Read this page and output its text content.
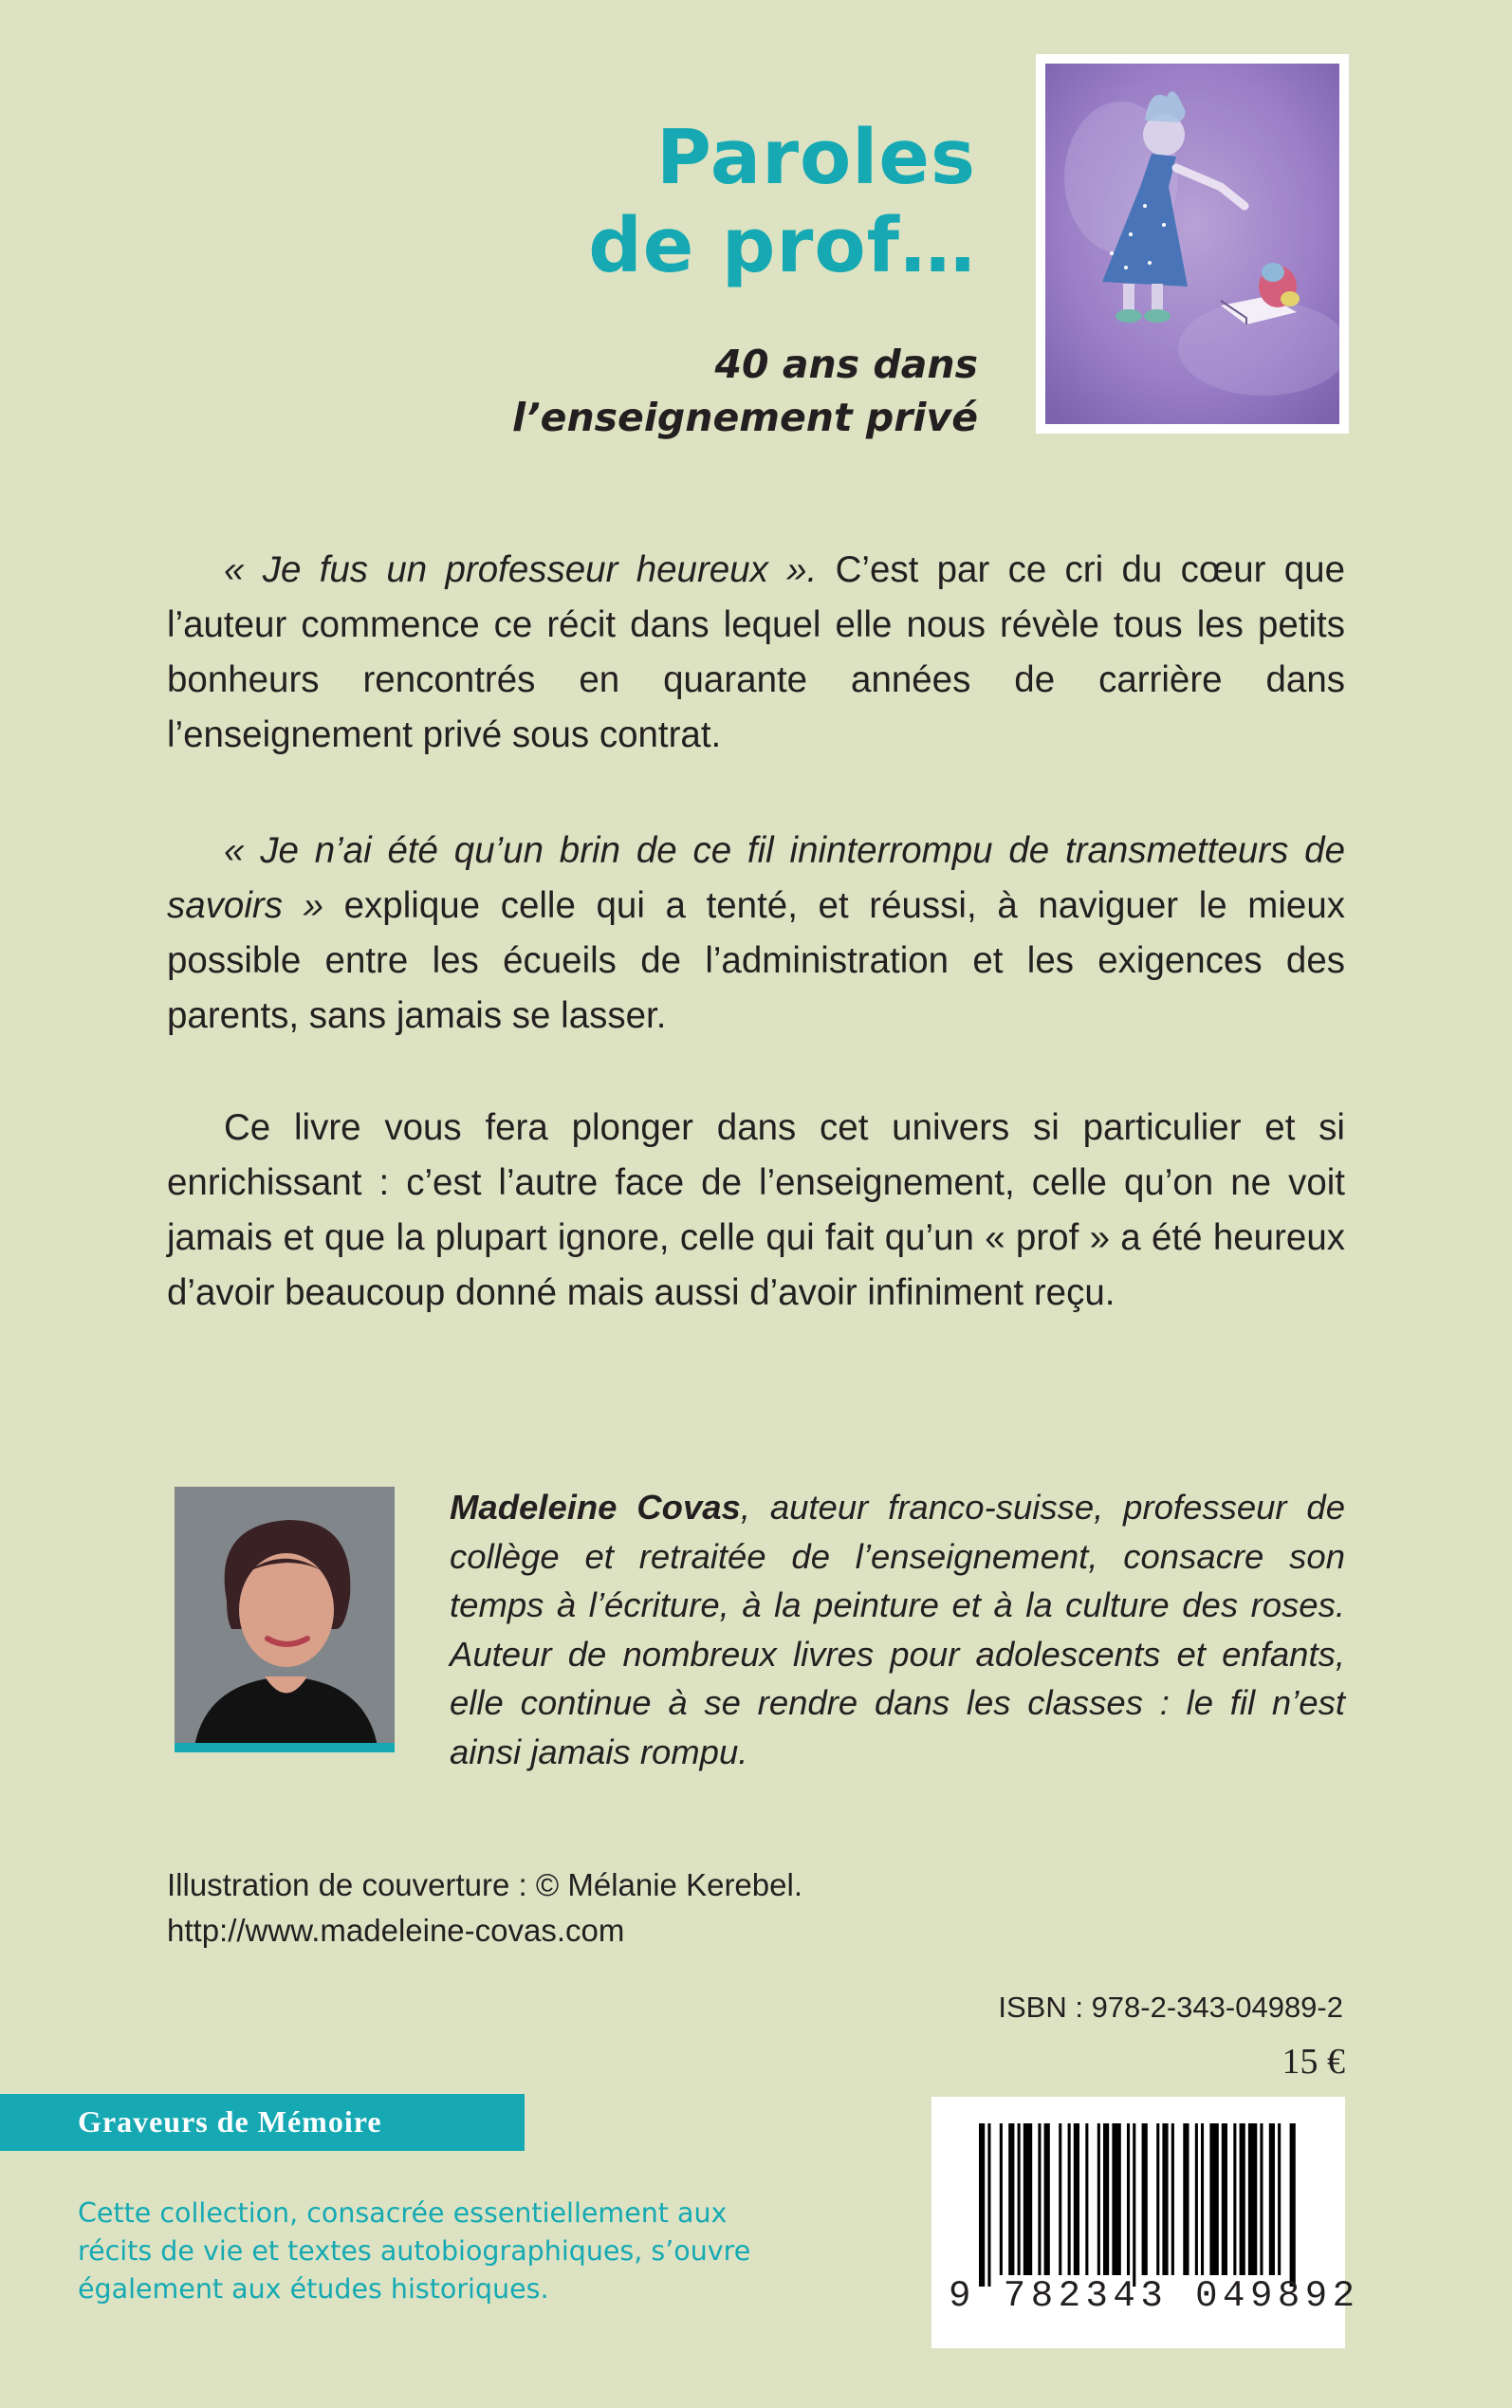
Paroles
de prof…
40 ans dans
l’enseignement privé
« Je fus un professeur heureux ». C’est par ce cri du cœur que l’auteur commence ce récit dans lequel elle nous révèle tous les petits bonheurs rencontrés en quarante années de carrière dans l’enseignement privé sous contrat.
« Je n’ai été qu’un brin de ce fil ininterrompu de transmetteurs de savoirs » explique celle qui a tenté, et réussi, à naviguer le mieux possible entre les écueils de l’administration et les exigences des parents, sans jamais se lasser.
Ce livre vous fera plonger dans cet univers si particulier et si enrichissant : c’est l’autre face de l’enseignement, celle qu’on ne voit jamais et que la plupart ignore, celle qui fait qu’un « prof » a été heureux d’avoir beaucoup donné mais aussi d’avoir infiniment reçu.
Madeleine Covas, auteur franco-suisse, professeur de collège et retraitée de l’enseignement, consacre son temps à l’écriture, à la peinture et à la culture des roses. Auteur de nombreux livres pour adolescents et enfants, elle continue à se rendre dans les classes : le fil n’est ainsi jamais rompu.
Illustration de couverture : © Mélanie Kerebel.
http://www.madeleine-covas.com
ISBN : 978-2-343-04989-2
15 €
Graveurs de Mémoire
Cette collection, consacrée essentiellement aux récits de vie et textes autobiographiques, s’ouvre également aux études historiques.	9 782343 049892
